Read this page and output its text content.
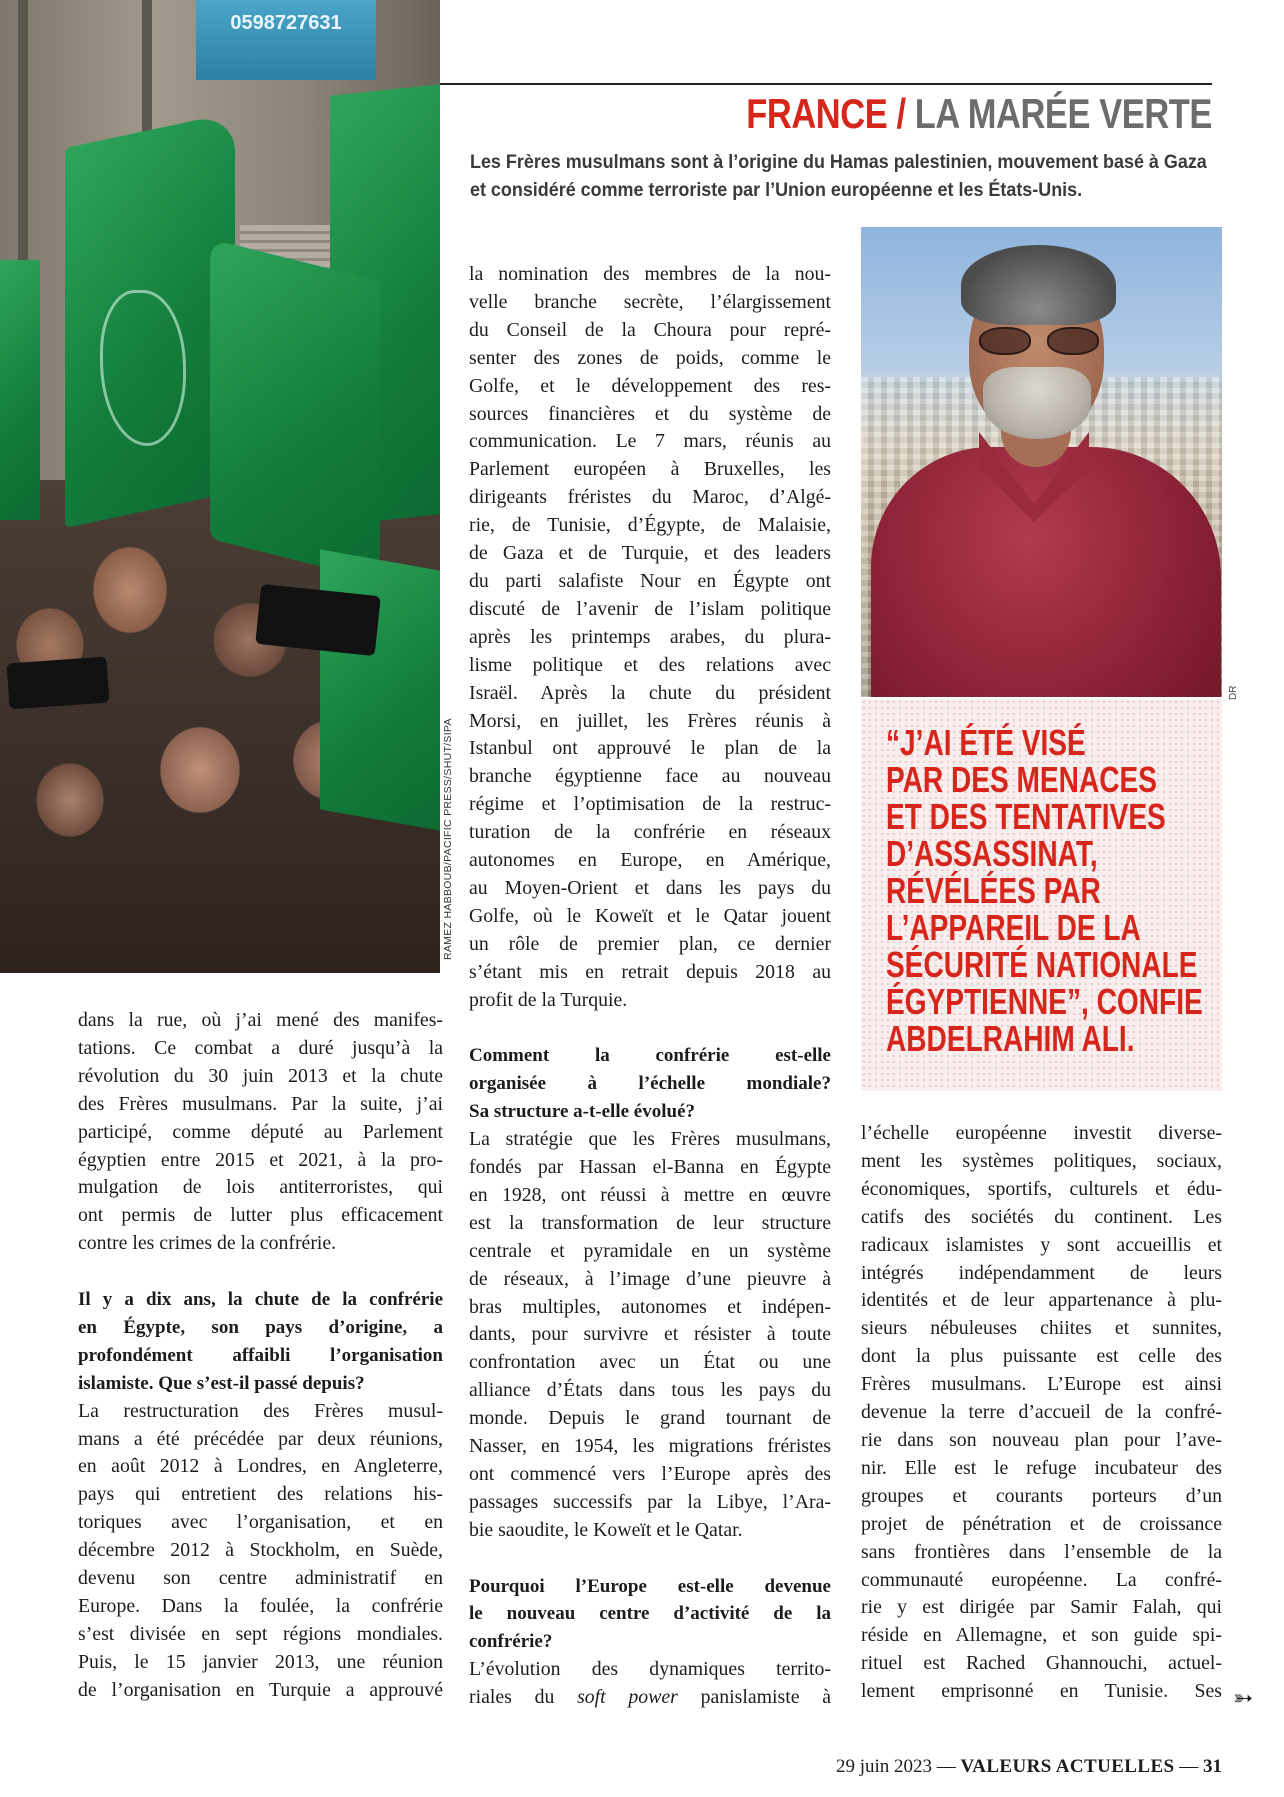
0598727631
RAMEZ HABBOUB/PACIFIC PRESS/SHUT/SIPA
FRANCE / LA MARÉE VERTE
Les Frères musulmans sont à l’origine du Hamas palestinien, mouvement basé à Gaza
et considéré comme terroriste par l’Union européenne et les États-Unis.
DR
“J’AI ÉTÉ VISÉ
PAR DES MENACES
ET DES TENTATIVES
D’ASSASSINAT,
RÉVÉLÉES PAR
L’APPAREIL DE LA
SÉCURITÉ NATIONALE
ÉGYPTIENNE”, CONFIE
ABDELRAHIM ALI.
dans la rue, où j’ai mené des manifes-
tations. Ce combat a duré jusqu’à la
révolution du 30 juin 2013 et la chute
des Frères musulmans. Par la suite, j’ai
participé, comme député au Parlement
égyptien entre 2015 et 2021, à la pro-
mulgation de lois antiterroristes, qui
ont permis de lutter plus efficacement
contre les crimes de la confrérie.
Il y a dix ans, la chute de la confrérie
en Égypte, son pays d’origine, a
profondément affaibli l’organisation
islamiste. Que s’est-il passé depuis?
La restructuration des Frères musul-
mans a été précédée par deux réunions,
en août 2012 à Londres, en Angleterre,
pays qui entretient des relations his-
toriques avec l’organisation, et en
décembre 2012 à Stockholm, en Suède,
devenu son centre administratif en
Europe. Dans la foulée, la confrérie
s’est divisée en sept régions mondiales.
Puis, le 15 janvier 2013, une réunion
de l’organisation en Turquie a approuvé
la nomination des membres de la nou-
velle branche secrète, l’élargissement
du Conseil de la Choura pour repré-
senter des zones de poids, comme le
Golfe, et le développement des res-
sources financières et du système de
communication. Le 7 mars, réunis au
Parlement européen à Bruxelles, les
dirigeants fréristes du Maroc, d’Algé-
rie, de Tunisie, d’Égypte, de Malaisie,
de Gaza et de Turquie, et des leaders
du parti salafiste Nour en Égypte ont
discuté de l’avenir de l’islam politique
après les printemps arabes, du plura-
lisme politique et des relations avec
Israël. Après la chute du président
Morsi, en juillet, les Frères réunis à
Istanbul ont approuvé le plan de la
branche égyptienne face au nouveau
régime et l’optimisation de la restruc-
turation de la confrérie en réseaux
autonomes en Europe, en Amérique,
au Moyen-Orient et dans les pays du
Golfe, où le Koweït et le Qatar jouent
un rôle de premier plan, ce dernier
s’étant mis en retrait depuis 2018 au
profit de la Turquie.
Comment la confrérie est-elle
organisée à l’échelle mondiale?
Sa structure a-t-elle évolué?
La stratégie que les Frères musulmans,
fondés par Hassan el-Banna en Égypte
en 1928, ont réussi à mettre en œuvre
est la transformation de leur structure
centrale et pyramidale en un système
de réseaux, à l’image d’une pieuvre à
bras multiples, autonomes et indépen-
dants, pour survivre et résister à toute
confrontation avec un État ou une
alliance d’États dans tous les pays du
monde. Depuis le grand tournant de
Nasser, en 1954, les migrations fréristes
ont commencé vers l’Europe après des
passages successifs par la Libye, l’Ara-
bie saoudite, le Koweït et le Qatar.
Pourquoi l’Europe est-elle devenue
le nouveau centre d’activité de la
confrérie?
L’évolution des dynamiques territo-
riales du soft power panislamiste à
l’échelle européenne investit diverse-
ment les systèmes politiques, sociaux,
économiques, sportifs, culturels et édu-
catifs des sociétés du continent. Les
radicaux islamistes y sont accueillis et
intégrés indépendamment de leurs
identités et de leur appartenance à plu-
sieurs nébuleuses chiites et sunnites,
dont la plus puissante est celle des
Frères musulmans. L’Europe est ainsi
devenue la terre d’accueil de la confré-
rie dans son nouveau plan pour l’ave-
nir. Elle est le refuge incubateur des
groupes et courants porteurs d’un
projet de pénétration et de croissance
sans frontières dans l’ensemble de la
communauté européenne. La confré-
rie y est dirigée par Samir Falah, qui
réside en Allemagne, et son guide spi-
rituel est Rached Ghannouchi, actuel-
lement emprisonné en Tunisie. Ses ➳
29 juin 2023 — VALEURS ACTUELLES — 31
